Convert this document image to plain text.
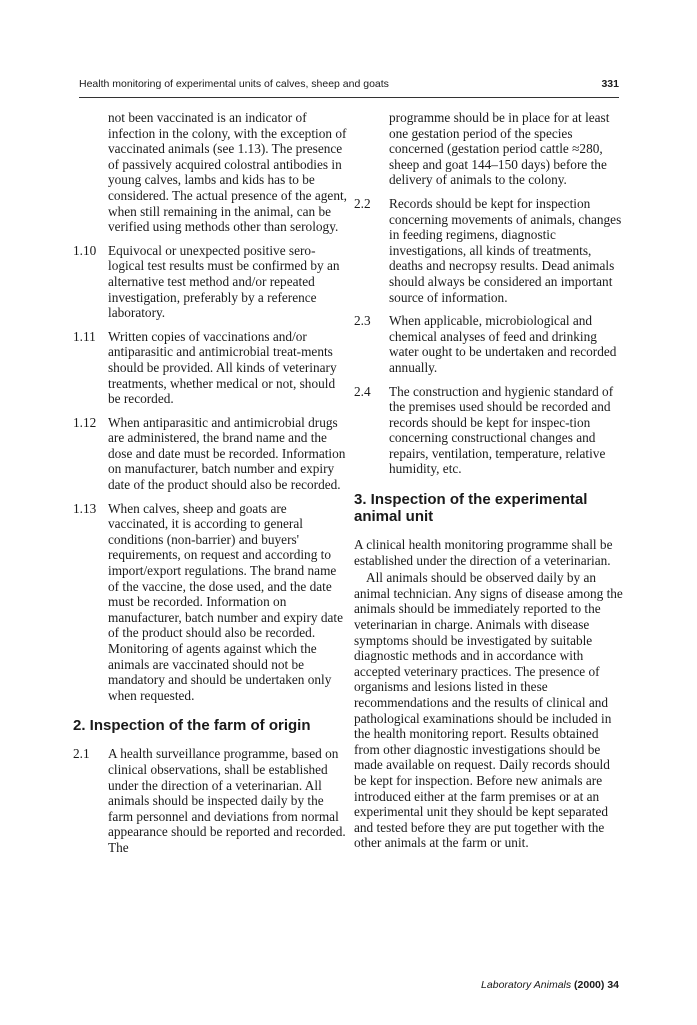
Health monitoring of experimental units of calves, sheep and goats	331
not been vaccinated is an indicator of infection in the colony, with the exception of vaccinated animals (see 1.13). The presence of passively acquired colostral antibodies in young calves, lambs and kids has to be considered. The actual presence of the agent, when still remaining in the animal, can be verified using methods other than serology.
1.10 Equivocal or unexpected positive sero-logical test results must be confirmed by an alternative test method and/or repeated investigation, preferably by a reference laboratory.
1.11 Written copies of vaccinations and/or antiparasitic and antimicrobial treat-ments should be provided. All kinds of veterinary treatments, whether medical or not, should be recorded.
1.12 When antiparasitic and antimicrobial drugs are administered, the brand name and the dose and date must be recorded. Information on manufacturer, batch number and expiry date of the product should also be recorded.
1.13 When calves, sheep and goats are vaccinated, it is according to general conditions (non-barrier) and buyers' requirements, on request and according to import/export regulations. The brand name of the vaccine, the dose used, and the date must be recorded. Information on manufacturer, batch number and expiry date of the product should also be recorded. Monitoring of agents against which the animals are vaccinated should not be mandatory and should be undertaken only when requested.
2. Inspection of the farm of origin
2.1 A health surveillance programme, based on clinical observations, shall be established under the direction of a veterinarian. All animals should be inspected daily by the farm personnel and deviations from normal appearance should be reported and recorded. The
programme should be in place for at least one gestation period of the species concerned (gestation period cattle ≈280, sheep and goat 144–150 days) before the delivery of animals to the colony.
2.2 Records should be kept for inspection concerning movements of animals, changes in feeding regimens, diagnostic investigations, all kinds of treatments, deaths and necropsy results. Dead animals should always be considered an important source of information.
2.3 When applicable, microbiological and chemical analyses of feed and drinking water ought to be undertaken and recorded annually.
2.4 The construction and hygienic standard of the premises used should be recorded and records should be kept for inspec-tion concerning constructional changes and repairs, ventilation, temperature, relative humidity, etc.
3. Inspection of the experimental animal unit

A clinical health monitoring programme shall be established under the direction of a veterinarian.

All animals should be observed daily by an animal technician. Any signs of disease among the animals should be immediately reported to the veterinarian in charge. Animals with disease symptoms should be investigated by suitable diagnostic methods and in accordance with accepted veterinary practices. The presence of organisms and lesions listed in these recommendations and the results of clinical and pathological examinations should be included in the health monitoring report. Results obtained from other diagnostic investigations should be made available on request. Daily records should be kept for inspection. Before new animals are introduced either at the farm premises or at an experimental unit they should be kept separated and tested before they are put together with the other animals at the farm or unit.

Laboratory Animals (2000) 34
